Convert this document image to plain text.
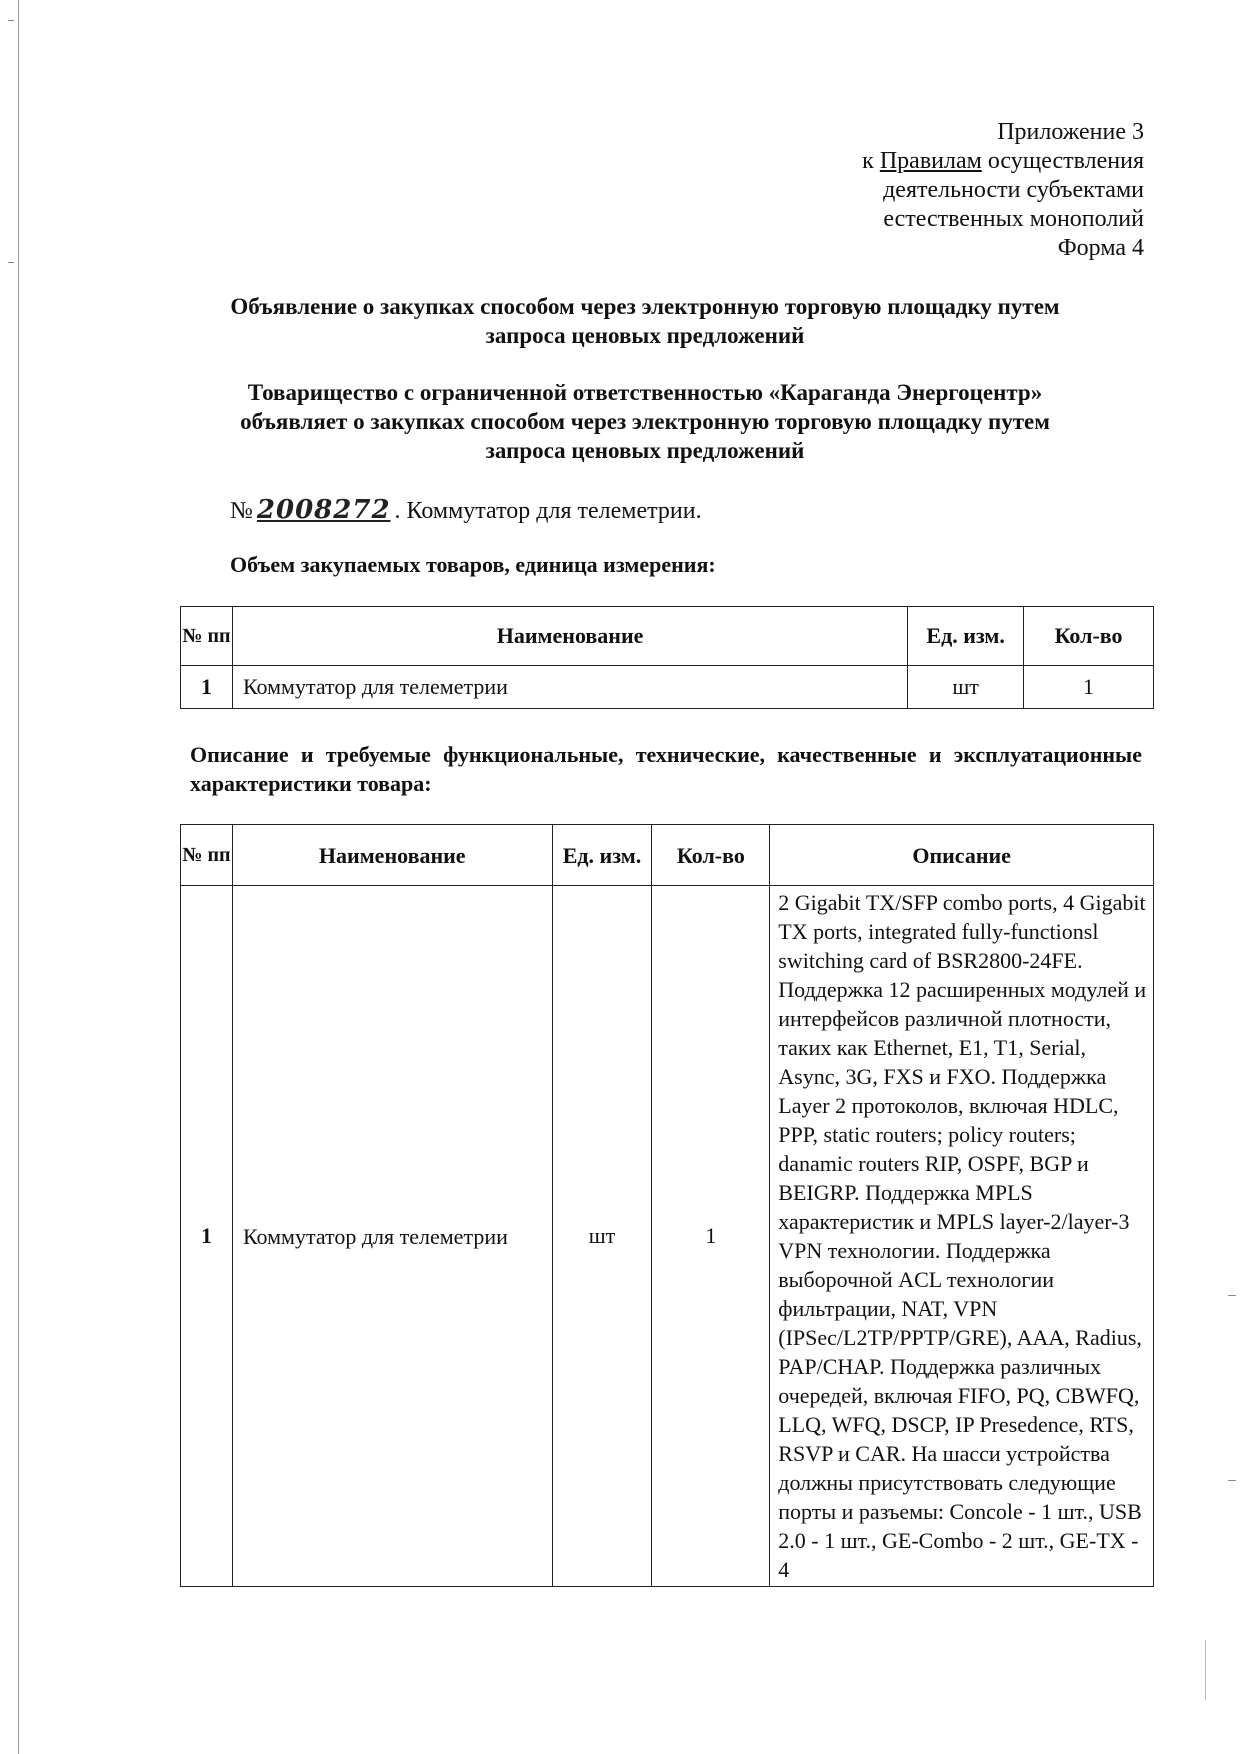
Приложение 3
к Правилам осуществления
деятельности субъектами
естественных монополий
Форма 4
Объявление о закупках способом через электронную торговую площадку путем
запроса ценовых предложений
Товарищество с ограниченной ответственностью «Караганда Энергоцентр»
объявляет о закупках способом через электронную торговую площадку путем
запроса ценовых предложений
№ 2008272 . Коммутатор для телеметрии.
Объем закупаемых товаров, единица измерения:
№ пп	Наименование	Ед. изм.	Кол-во
1	Коммутатор для телеметрии	шт	1
Описание и требуемые функциональные, технические, качественные и эксплуатационные характеристики товара:
№ пп	Наименование	Ед. изм.	Кол-во	Описание
1	Коммутатор для телеметрии	шт	1	2 Gigabit TX/SFP combo ports, 4 Gigabit TX ports, integrated fully-functionsl switching card of BSR2800-24FE. Поддержка 12 расширенных модулей и интерфейсов различной плотности, таких как Ethernet, E1, T1, Serial, Async, 3G, FXS и FXO. Поддержка Layer 2 протоколов, включая HDLC, PPP, static routers; policy routers; danamic routers RIP, OSPF, BGP и BEIGRP. Поддержка MPLS характеристик и MPLS layer-2/layer-3 VPN технологии. Поддержка выборочной ACL технологии фильтрации, NAT, VPN (IPSec/L2TP/PPTP/GRE), AAA, Radius, PAP/CHAP. Поддержка различных очередей, включая FIFO, PQ, CBWFQ, LLQ, WFQ, DSCP, IP Presedence, RTS, RSVP и CAR. На шасси устройства должны присутствовать следующие порты и разъемы: Concole - 1 шт., USB 2.0 - 1 шт., GE-Combo - 2 шт., GE-TX - 4
